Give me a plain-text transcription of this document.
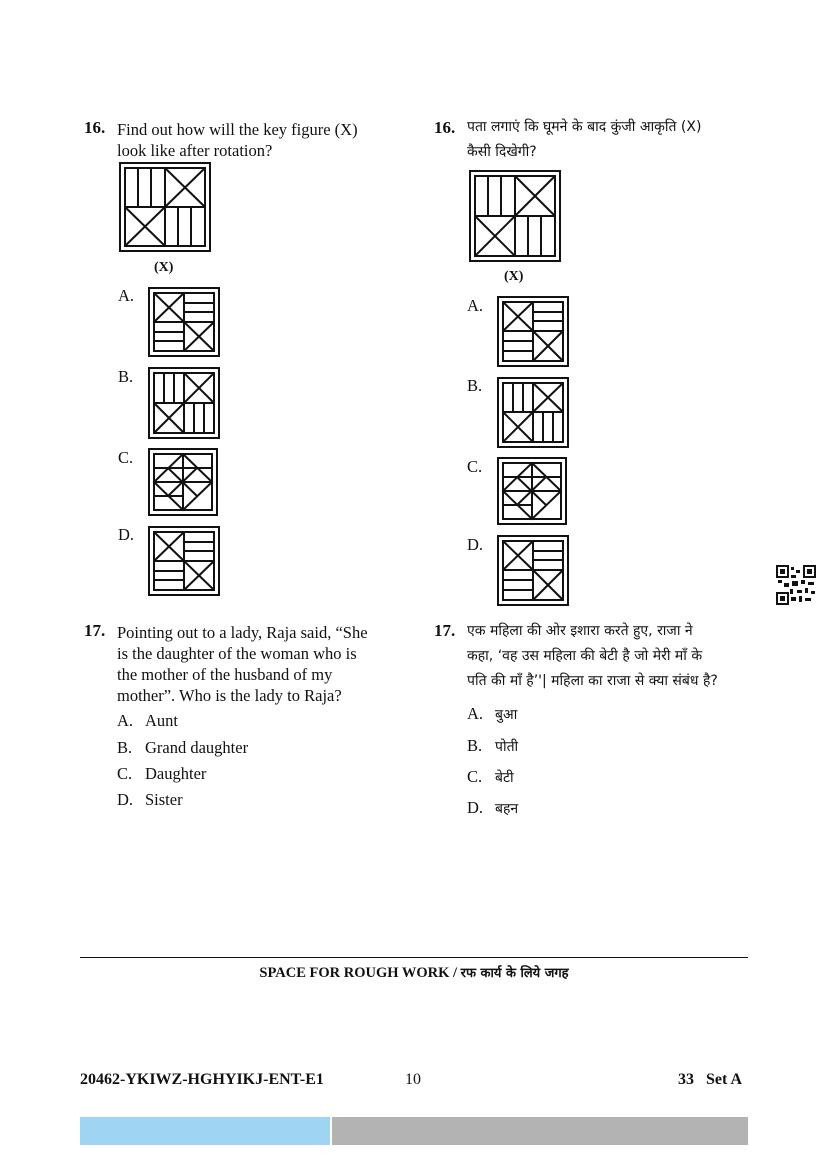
16. Find out how will the key figure (X)
look like after rotation?
(X)
A.
B.
C.
D.
17. Pointing out to a lady, Raja said, “She
is the daughter of the woman who is
the mother of the husband of my
mother”. Who is the lady to Raja?
A. Aunt
B. Grand daughter
C. Daughter
D. Sister
16. पता लगाएं कि घूमने के बाद कुंजी आकृति (X)
कैसी दिखेगी?
(X)
A.
B.
C.
D.
17. एक महिला की ओर इशारा करते हुए, राजा ने
कहा, ‘वह उस महिला की बेटी है जो मेरी माँ के
पति की माँ है’'| महिला का राजा से क्या संबंध है?
A. बुआ
B. पोती
C. बेटी
D. बहन
SPACE FOR ROUGH WORK / रफ कार्य के लिये जगह
20462-YKIWZ-HGHYIKJ-ENT-E1	10	33 Set A
